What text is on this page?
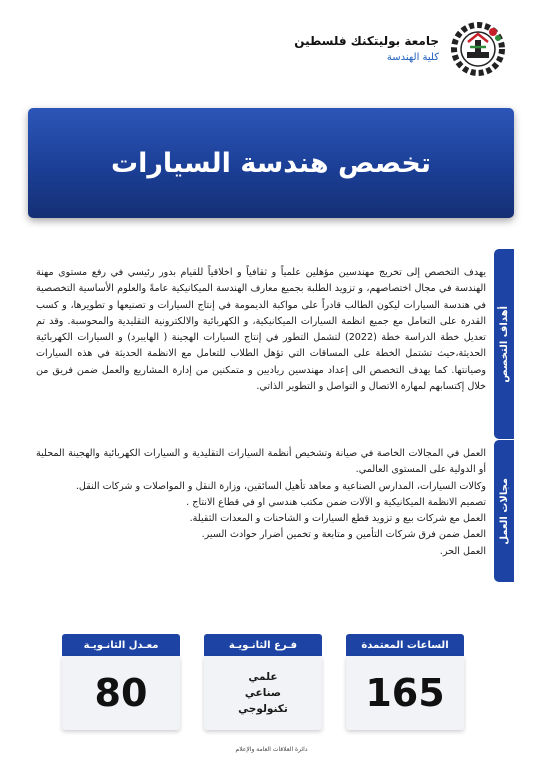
جامعة بوليتكنك فلسطين
كلية الهندسة
تخصص هندسة السيارات
أهداف التخصص

يهدف التخصص إلى تخريج مهندسين مؤهلين علمياً و ثقافياً و اخلاقياً للقيام بدور رئيسي في رفع مستوى مهنة الهندسة في مجال اختصاصهم، و تزويد الطلبة بجميع معارف الهندسة الميكانيكية عامةً والعلوم الأساسية التخصصية في هندسة السيارات ليكون الطالب قادراً على مواكبة الديمومة في إنتاج السيارات و تصنيعها و تطويرها، و كسب القدرة على التعامل مع جميع انظمة السيارات الميكانيكية، و الكهربائية والالكترونية التقليدية والمحوسبة. وقد تم تعديل خطة الدراسة خطة (2022) لتشمل التطور في إنتاج السيارات الهجينة ( الهايبرد) و السيارات الكهربائية الحديثة،حيث تشتمل الخطة على المساقات التي تؤهل الطلاب للتعامل مع الانظمة الحديثة في هذه السيارات وصيانتها. كما يهدف التخصص الى إعداد مهندسين رياديين و متمكنين من إدارة المشاريع والعمل ضمن فريق من خلال إكتسابهم لمهارة الاتصال و التواصل و التطوير الذاتي.

مجالات العمل

العمل في المجالات الخاصة في صيانة وتشخيص أنظمة السيارات التقليدية و السيارات الكهربائية والهجينة المحلية أو الدولية على المستوى العالمي.

وكالات السيارات، المدارس الصناعية و معاهد تأهيل السائقين، وزارة النقل و المواصلات و شركات النقل.

تصميم الانظمة الميكانيكية و الآلات ضمن مكتب هندسي او في قطاع الانتاج .

العمل مع شركات بيع و تزويد قطع السيارات و الشاحنات و المعدات الثقيلة.

العمل ضمن فرق شركات التأمين و متابعة و تخمين أضرار حوادث السير.

العمل الحر.

معـدل الثانـويـة
80
فـرع الثانـويـة
علمي
صناعي
تكنولوجي
الساعات المعتمدة
165
دائرة العلاقات العامة والإعلام
